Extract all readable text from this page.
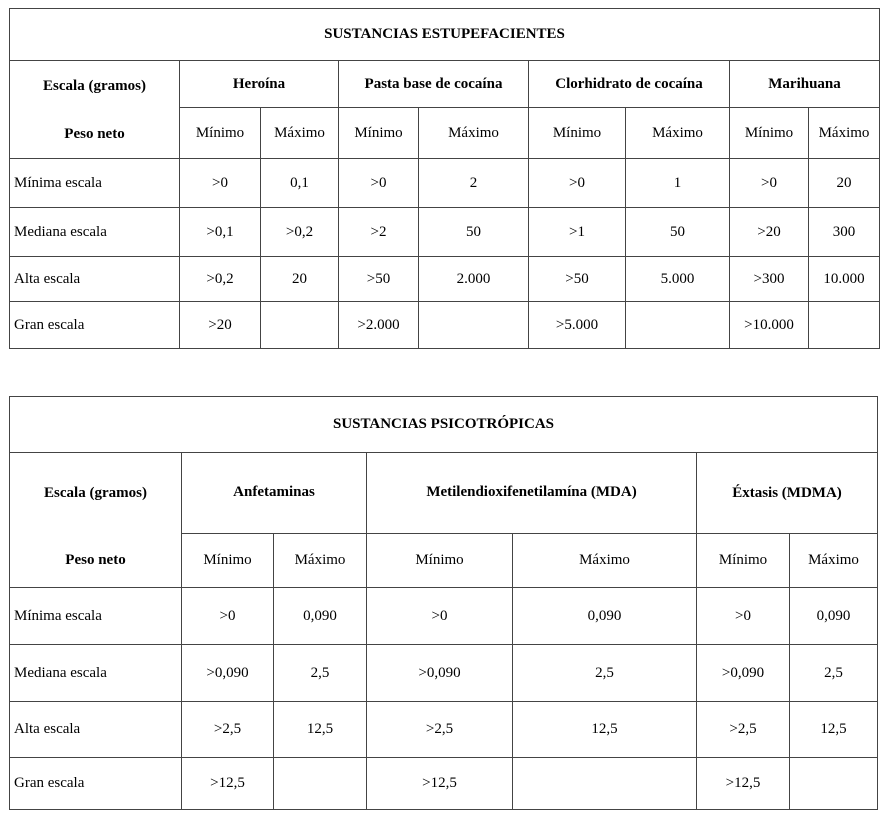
SUSTANCIAS ESTUPEFACIENTES								

Escala (gramos)
Peso neto	Heroína		Pasta base de cocaína		Clorhidrato de cocaína		Marihuana	
	Mínimo	Máximo	Mínimo	Máximo	Mínimo	Máximo	Mínimo	Máximo
Mínima escala	>0	0,1	>0	2	>0	1	>0	20
Mediana escala	>0,1	>0,2	>2	50	>1	50	>20	300
Alta escala	>0,2	20	>50	2.000	>50	5.000	>300	10.000
Gran escala	>20		>2.000		>5.000		>10.000	
SUSTANCIAS PSICOTRÓPICAS						

Escala (gramos)
Peso neto	Anfetaminas		Metilendioxifenetilamína (MDA)		Éxtasis (MDMA)	
	Mínimo	Máximo	Mínimo	Máximo	Mínimo	Máximo
Mínima escala	>0	0,090	>0	0,090	>0	0,090
Mediana escala	>0,090	2,5	>0,090	2,5	>0,090	2,5
Alta escala	>2,5	12,5	>2,5	12,5	>2,5	12,5
Gran escala	>12,5		>12,5		>12,5	
